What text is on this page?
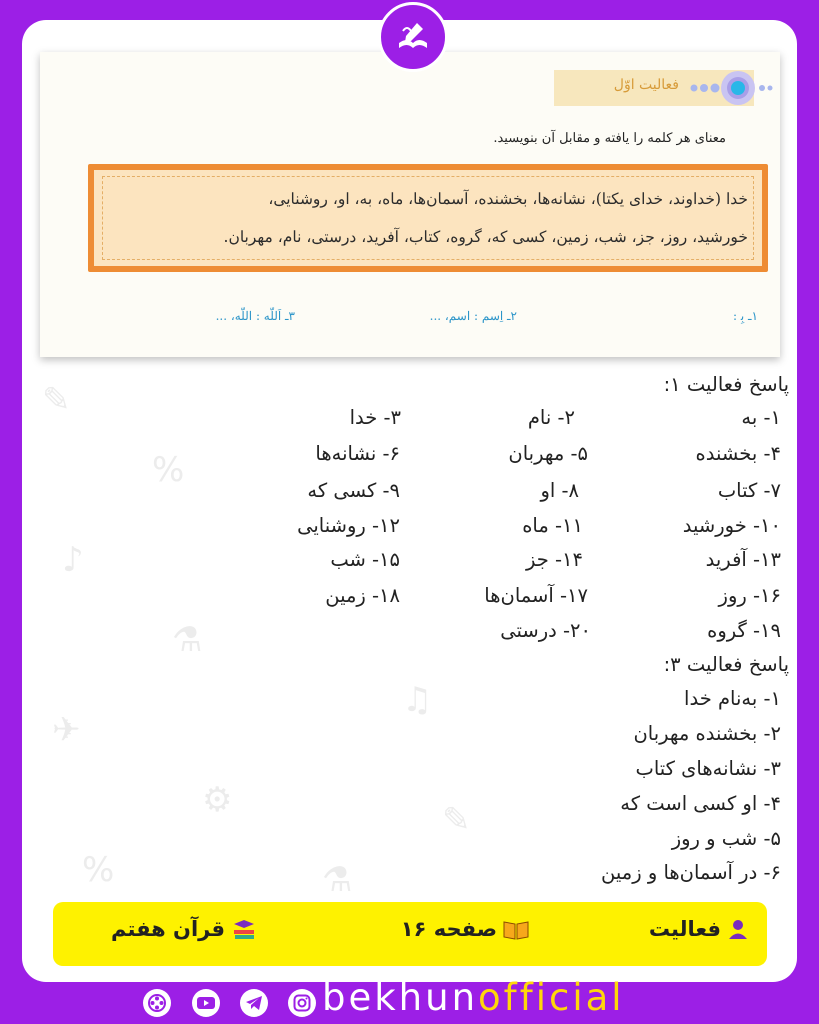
✎
%
♪
⚗
✈
⚙
%
♫
✎
⚗
فعالیت اوّل
معنای هر کلمه را یافته و مقابل آن بنویسید.

خدا (خداوند، خدای یکتا)، نشانه‌ها، بخشنده، آسمان‌ها، ماه، به، او، روشنایی،

خورشید، روز، جز، شب، زمین، کسی که، گروه، کتاب، آفرید، درستی، نام، مهربان.

۱ـ بِ‍ :
۲ـ اِسم : اسم، ...
۳ـ اَللّه : اللّه، ...
پاسخ فعالیت ۱:
۱- به
۲- نام
۳- خدا
۴- بخشنده
۵- مهربان
۶- نشانه‌ها
۷- کتاب
۸- او
۹- کسی که
۱۰- خورشید
۱۱- ماه
۱۲- روشنایی
۱۳- آفرید
۱۴- جز
۱۵- شب
۱۶- روز
۱۷- آسمان‌ها
۱۸- زمین
۱۹- گروه
۲۰- درستی
پاسخ فعالیت ۳:
۱- به‌نام خدا
۲- بخشنده مهربان
۳- نشانه‌های کتاب
۴- او کسی است که
۵- شب و روز
۶- در آسمان‌ها و زمین
فعالیت
صفحه ۱۶
قرآن هفتم
bekhunofficial
